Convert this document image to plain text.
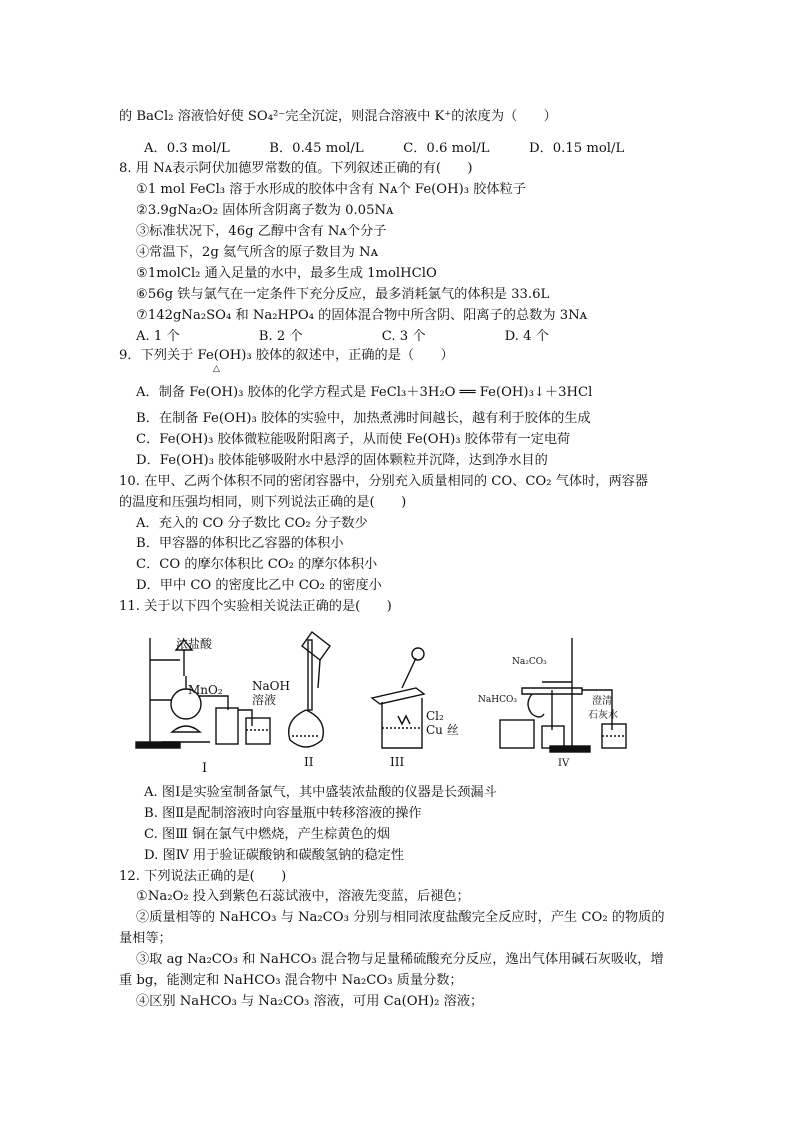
的 BaCl₂ 溶液恰好使 SO₄²⁻完全沉淀，则混合溶液中 K⁺的浓度为（　　）
A．0.3 mol/L　　　B．0.45 mol/L　　　C．0.6 mol/L　　　D．0.15 mol/L
8. 用 Nᴀ表示阿伏加德罗常数的值。下列叙述正确的有(　　)
①1 mol FeCl₃ 溶于水形成的胶体中含有 Nᴀ个 Fe(OH)₃ 胶体粒子
②3.9gNa₂O₂ 固体所含阴离子数为 0.05Nᴀ
③标准状况下，46g 乙醇中含有 Nᴀ个分子
④常温下，2g 氦气所含的原子数目为 Nᴀ
⑤1molCl₂ 通入足量的水中，最多生成 1molHClO
⑥56g 铁与氯气在一定条件下充分反应，最多消耗氯气的体积是 33.6L
⑦142gNa₂SO₄ 和 Na₂HPO₄ 的固体混合物中所含阴、阳离子的总数为 3Nᴀ
A. 1 个　　　　　　B. 2 个　　　　　　C. 3 个　　　　　　D. 4 个
9．下列关于 Fe(OH)₃ 胶体的叙述中，正确的是（　　）
△
A．制备 Fe(OH)₃ 胶体的化学方程式是 FeCl₃＋3H₂O ══ Fe(OH)₃↓＋3HCl
B．在制备 Fe(OH)₃ 胶体的实验中，加热煮沸时间越长，越有利于胶体的生成
C．Fe(OH)₃ 胶体微粒能吸附阳离子，从而使 Fe(OH)₃ 胶体带有一定电荷
D．Fe(OH)₃ 胶体能够吸附水中悬浮的固体颗粒并沉降，达到净水目的
10. 在甲、乙两个体积不同的密闭容器中，分别充入质量相同的 CO、CO₂ 气体时，两容器
的温度和压强均相同，则下列说法正确的是(　　)
A．充入的 CO 分子数比 CO₂ 分子数少
B．甲容器的体积比乙容器的体积小
C．CO 的摩尔体积比 CO₂ 的摩尔体积小
D．甲中 CO 的密度比乙中 CO₂ 的密度小
11. 关于以下四个实验相关说法正确的是(　　)
浓盐酸
MnO₂ NaOH
溶液
I	II
Cl₂
Cu 丝
III
Na₂CO₃
NaHCO₃	澄清
石灰水
IV
A. 图Ⅰ是实验室制备氯气，其中盛装浓盐酸的仪器是长颈漏斗
B. 图Ⅱ是配制溶液时向容量瓶中转移溶液的操作
C. 图Ⅲ 铜在氯气中燃烧，产生棕黄色的烟
D. 图Ⅳ 用于验证碳酸钠和碳酸氢钠的稳定性
12. 下列说法正确的是(　　)
①Na₂O₂ 投入到紫色石蕊试液中，溶液先变蓝，后褪色；
②质量相等的 NaHCO₃ 与 Na₂CO₃ 分别与相同浓度盐酸完全反应时，产生 CO₂ 的物质的
量相等；
③取 ag Na₂CO₃ 和 NaHCO₃ 混合物与足量稀硫酸充分反应，逸出气体用碱石灰吸收，增
重 bg，能测定和 NaHCO₃ 混合物中 Na₂CO₃ 质量分数；
④区别 NaHCO₃ 与 Na₂CO₃ 溶液，可用 Ca(OH)₂ 溶液；
